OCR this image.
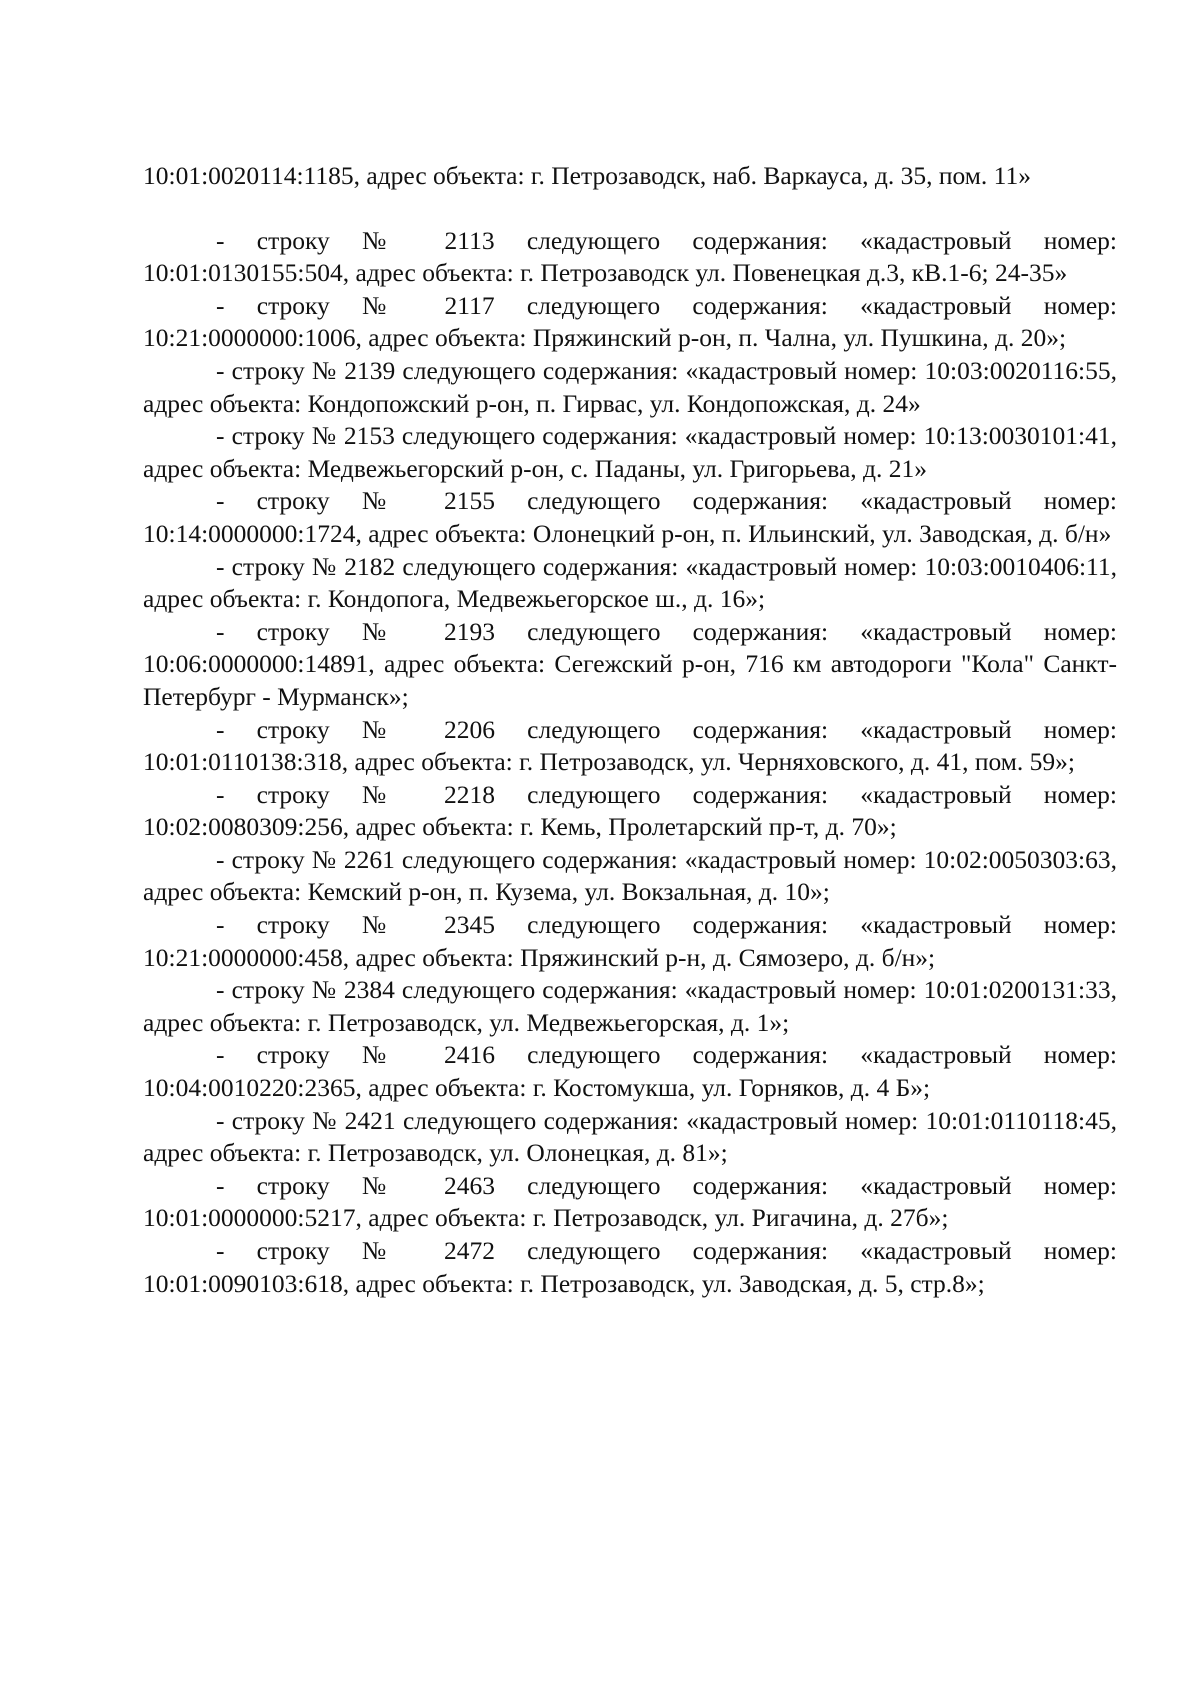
10:01:0020114:1185, адрес объекта: г. Петрозаводск, наб. Варкауса, д. 35, пом. 11»

- строку № 2113 следующего содержания: «кадастровый номер: 10:01:0130155:504, адрес объекта: г. Петрозаводск ул. Повенецкая д.3, кВ.1-6; 24-35»

- строку № 2117 следующего содержания: «кадастровый номер: 10:21:0000000:1006, адрес объекта: Пряжинский р-он, п. Чална, ул. Пушкина, д. 20»;

- строку № 2139 следующего содержания: «кадастровый номер: 10:03:0020116:55, адрес объекта: Кондопожский р-он, п. Гирвас, ул. Кондопожская, д. 24»

- строку № 2153 следующего содержания: «кадастровый номер: 10:13:0030101:41, адрес объекта: Медвежьегорский р-он, с. Паданы, ул. Григорьева, д. 21»

- строку № 2155 следующего содержания: «кадастровый номер: 10:14:0000000:1724, адрес объекта: Олонецкий р-он, п. Ильинский, ул. Заводская, д. б/н»

- строку № 2182 следующего содержания: «кадастровый номер: 10:03:0010406:11, адрес объекта: г. Кондопога, Медвежьегорское ш., д. 16»;

- строку № 2193 следующего содержания: «кадастровый номер: 10:06:0000000:14891, адрес объекта: Сегежский р-он, 716 км автодороги "Кола" Санкт-Петербург - Мурманск»;

- строку № 2206 следующего содержания: «кадастровый номер: 10:01:0110138:318, адрес объекта: г. Петрозаводск, ул. Черняховского, д. 41, пом. 59»;

- строку № 2218 следующего содержания: «кадастровый номер: 10:02:0080309:256, адрес объекта: г. Кемь, Пролетарский пр-т, д. 70»;

- строку № 2261 следующего содержания: «кадастровый номер: 10:02:0050303:63, адрес объекта: Кемский р-он, п. Кузема, ул. Вокзальная, д. 10»;

- строку № 2345 следующего содержания: «кадастровый номер: 10:21:0000000:458, адрес объекта: Пряжинский р-н, д. Сямозеро, д. б/н»;

- строку № 2384 следующего содержания: «кадастровый номер: 10:01:0200131:33, адрес объекта: г. Петрозаводск, ул. Медвежьегорская, д. 1»;

- строку № 2416 следующего содержания: «кадастровый номер: 10:04:0010220:2365, адрес объекта: г. Костомукша, ул. Горняков, д. 4 Б»;

- строку № 2421 следующего содержания: «кадастровый номер: 10:01:0110118:45, адрес объекта: г. Петрозаводск, ул. Олонецкая, д. 81»;

- строку № 2463 следующего содержания: «кадастровый номер: 10:01:0000000:5217, адрес объекта: г. Петрозаводск, ул. Ригачина, д. 27б»;

- строку № 2472 следующего содержания: «кадастровый номер: 10:01:0090103:618, адрес объекта: г. Петрозаводск, ул. Заводская, д. 5, стр.8»;
